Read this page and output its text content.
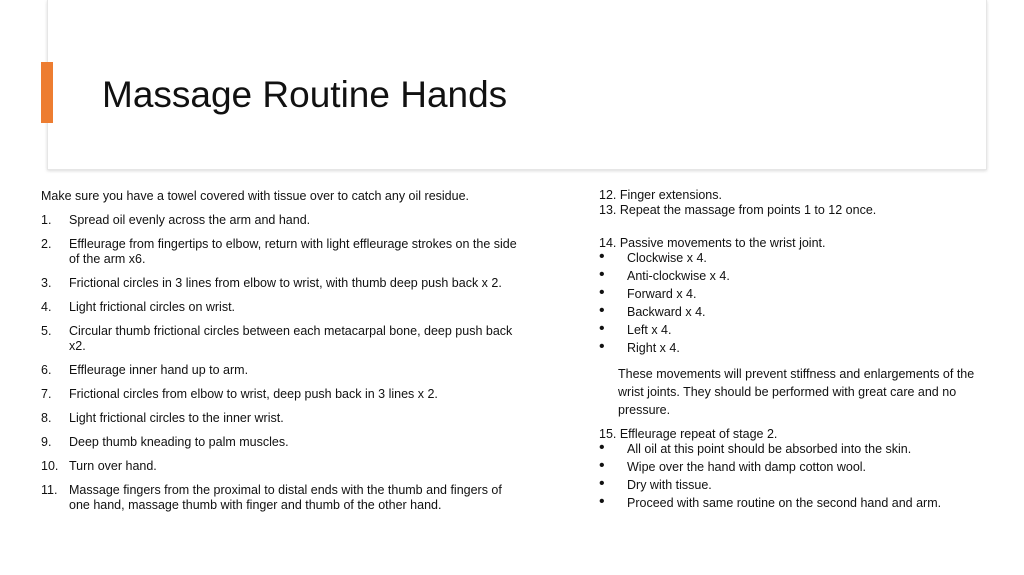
Massage Routine Hands

Make sure you have a towel covered with tissue over to catch any oil residue.

1. Spread oil evenly across the arm and hand.
2. Effleurage from fingertips to elbow, return with light effleurage strokes on the side of the arm x6.
3. Frictional circles in 3 lines from elbow to wrist, with thumb deep push back x 2.
4. Light frictional circles on wrist.
5. Circular thumb frictional circles between each metacarpal bone, deep push back x2.
6. Effleurage inner hand up to arm.
7. Frictional circles from elbow to wrist, deep push back in 3 lines x 2.
8. Light frictional circles to the inner wrist.
9. Deep thumb kneading to palm muscles.
10. Turn over hand.
11. Massage fingers from the proximal to distal ends with the thumb and fingers of one hand, massage thumb with finger and thumb of the other hand.

12. Finger extensions.

13. Repeat the massage from points 1 to 12 once.

14. Passive movements to the wrist joint.

• Clockwise x 4.
• Anti-clockwise x 4.
• Forward x 4.
• Backward x 4.
• Left x 4.
• Right x 4.

These movements will prevent stiffness and enlargements of the wrist joints. They should be performed with great care and no pressure.

15. Effleurage repeat of stage 2.

• All oil at this point should be absorbed into the skin.
• Wipe over the hand with damp cotton wool.
• Dry with tissue.
• Proceed with same routine on the second hand and arm.
